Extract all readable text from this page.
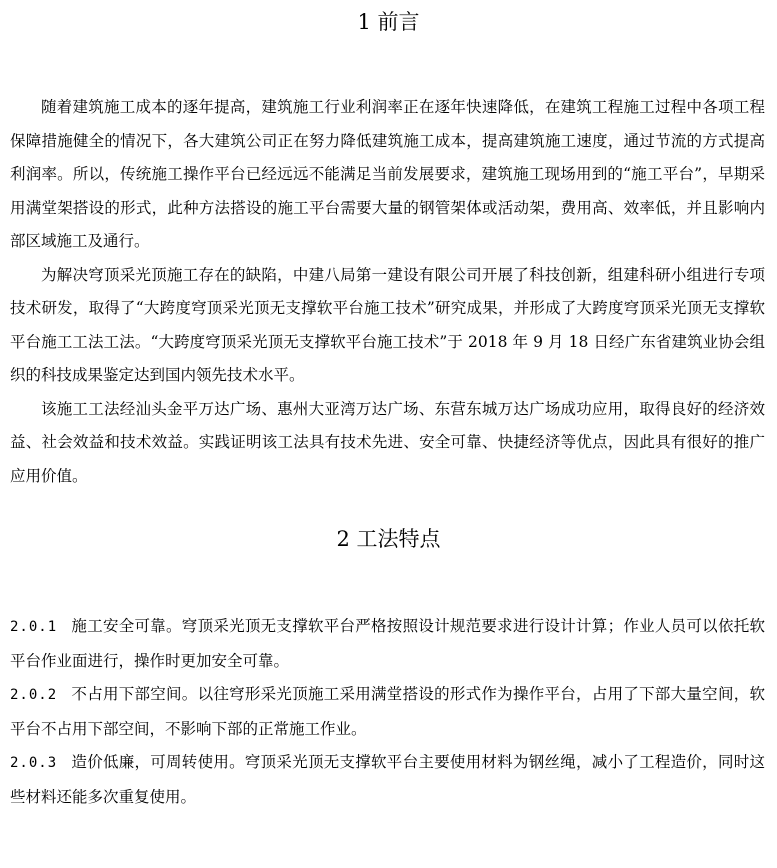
1 前言

随着建筑施工成本的逐年提高，建筑施工行业利润率正在逐年快速降低，在建筑工程施工过程中各项工程保障措施健全的情况下，各大建筑公司正在努力降低建筑施工成本，提高建筑施工速度，通过节流的方式提高利润率。所以，传统施工操作平台已经远远不能满足当前发展要求，建筑施工现场用到的“施工平台”，早期采用满堂架搭设的形式，此种方法搭设的施工平台需要大量的钢管架体或活动架，费用高、效率低，并且影响内部区域施工及通行。

为解决穹顶采光顶施工存在的缺陷，中建八局第一建设有限公司开展了科技创新，组建科研小组进行专项技术研发，取得了“大跨度穹顶采光顶无支撑软平台施工技术”研究成果，并形成了大跨度穹顶采光顶无支撑软平台施工工法工法。“大跨度穹顶采光顶无支撑软平台施工技术”于 2018 年 9 月 18 日经广东省建筑业协会组织的科技成果鉴定达到国内领先技术水平。

该施工工法经汕头金平万达广场、惠州大亚湾万达广场、东营东城万达广场成功应用，取得良好的经济效益、社会效益和技术效益。实践证明该工法具有技术先进、安全可靠、快捷经济等优点，因此具有很好的推广应用价值。

2 工法特点

2.0.1 施工安全可靠。穹顶采光顶无支撑软平台严格按照设计规范要求进行设计计算；作业人员可以依托软平台作业面进行，操作时更加安全可靠。

2.0.2 不占用下部空间。以往穹形采光顶施工采用满堂搭设的形式作为操作平台，占用了下部大量空间，软平台不占用下部空间，不影响下部的正常施工作业。

2.0.3 造价低廉，可周转使用。穹顶采光顶无支撑软平台主要使用材料为钢丝绳，减小了工程造价，同时这些材料还能多次重复使用。
